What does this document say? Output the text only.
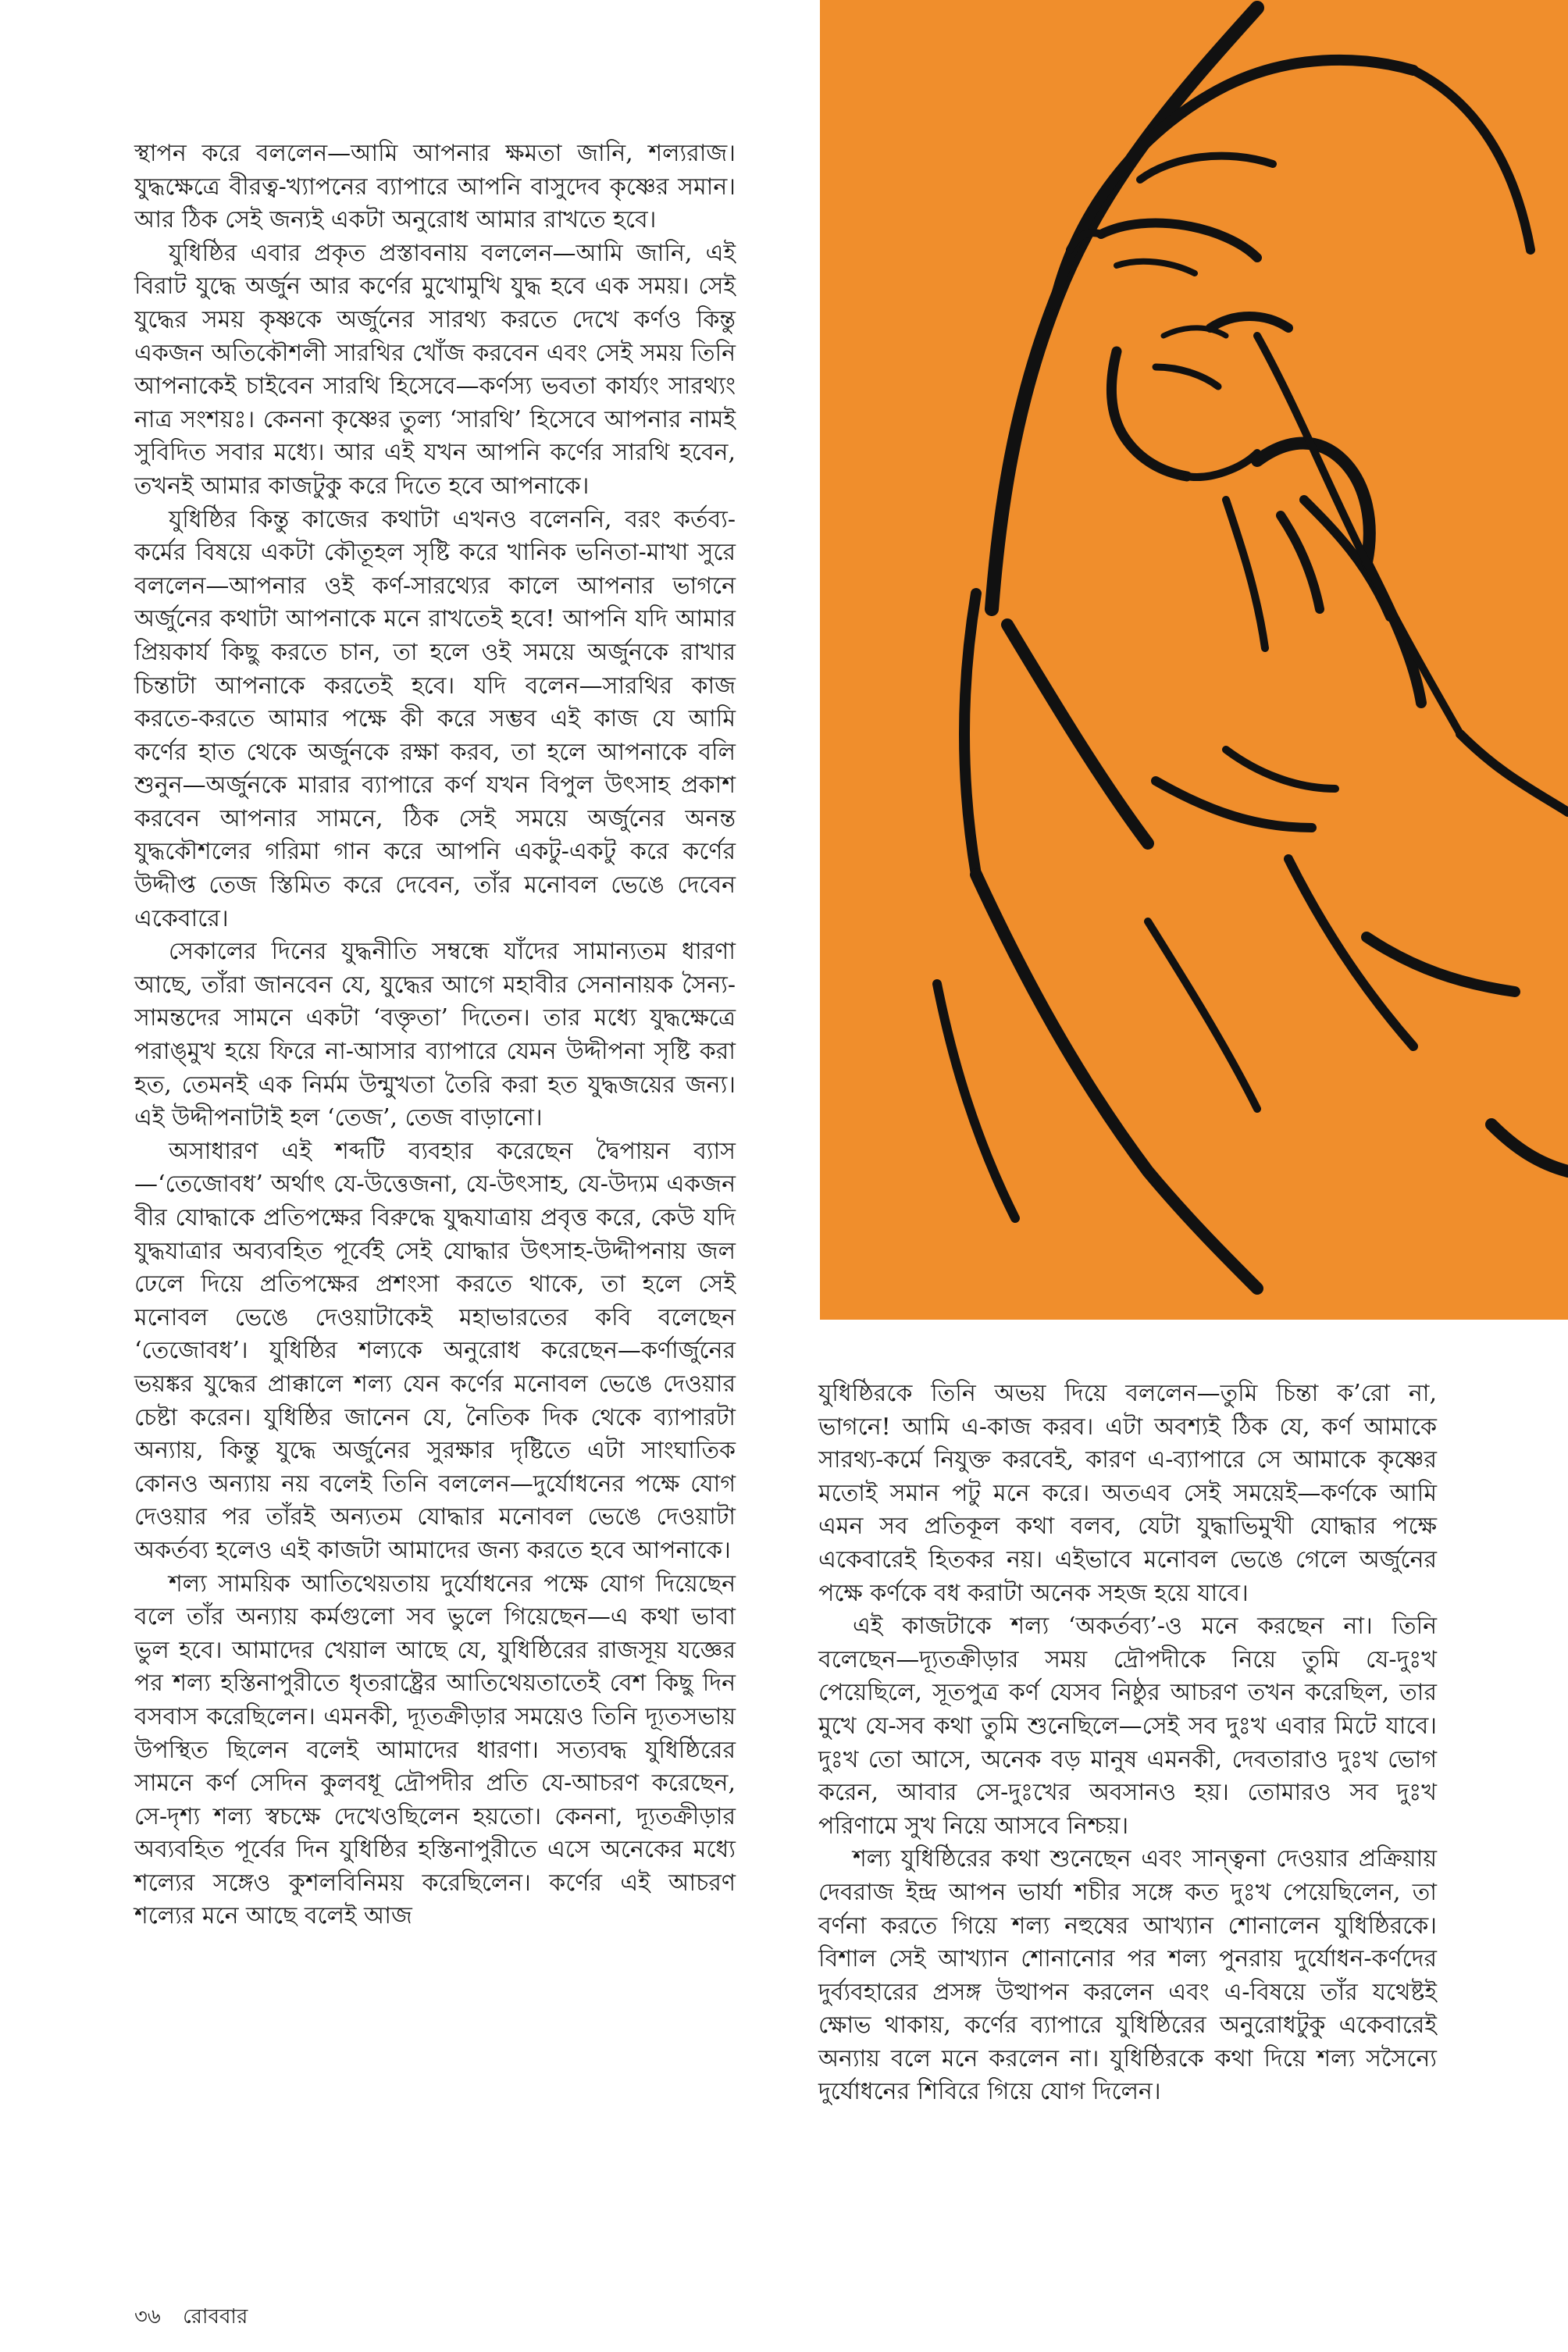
স্থাপন করে বললেন—আমি আপনার ক্ষমতা জানি, শল্যরাজ। যুদ্ধক্ষেত্রে বীরত্ব-খ্যাপনের ব্যাপারে আপনি বাসুদেব কৃষ্ণের সমান। আর ঠিক সেই জন্যই একটা অনুরোধ আমার রাখতে হবে।

যুধিষ্ঠির এবার প্রকৃত প্রস্তাবনায় বললেন—আমি জানি, এই বিরাট যুদ্ধে অর্জুন আর কর্ণের মুখোমুখি যুদ্ধ হবে এক সময়। সেই যুদ্ধের সময় কৃষ্ণকে অর্জুনের সারথ্য করতে দেখে কর্ণও কিন্তু একজন অতিকৌশলী সারথির খোঁজ করবেন এবং সেই সময় তিনি আপনাকেই চাইবেন সারথি হিসেবে—কর্ণস্য ভবতা কার্য্যং সারথ্যং নাত্র সংশয়ঃ। কেননা কৃষ্ণের তুল্য ‘সারথি’ হিসেবে আপনার নামই সুবিদিত সবার মধ্যে। আর এই যখন আপনি কর্ণের সারথি হবেন, তখনই আমার কাজটুকু করে দিতে হবে আপনাকে।

যুধিষ্ঠির কিন্তু কাজের কথাটা এখনও বলেননি, বরং কর্তব্য-কর্মের বিষয়ে একটা কৌতূহল সৃষ্টি করে খানিক ভনিতা-মাখা সুরে বললেন—আপনার ওই কর্ণ-সারথ্যের কালে আপনার ভাগনে অর্জুনের কথাটা আপনাকে মনে রাখতেই হবে! আপনি যদি আমার প্রিয়কার্য কিছু করতে চান, তা হলে ওই সময়ে অর্জুনকে রাখার চিন্তাটা আপনাকে করতেই হবে। যদি বলেন—সারথির কাজ করতে-করতে আমার পক্ষে কী করে সম্ভব এই কাজ যে আমি কর্ণের হাত থেকে অর্জুনকে রক্ষা করব, তা হলে আপনাকে বলি শুনুন—অর্জুনকে মারার ব্যাপারে কর্ণ যখন বিপুল উৎসাহ প্রকাশ করবেন আপনার সামনে, ঠিক সেই সময়ে অর্জুনের অনন্ত যুদ্ধকৌশলের গরিমা গান করে আপনি একটু-একটু করে কর্ণের উদ্দীপ্ত তেজ স্তিমিত করে দেবেন, তাঁর মনোবল ভেঙে দেবেন একেবারে।

সেকালের দিনের যুদ্ধনীতি সম্বন্ধে যাঁদের সামান্যতম ধারণা আছে, তাঁরা জানবেন যে, যুদ্ধের আগে মহাবীর সেনানায়ক সৈন্য-সামন্তদের সামনে একটা ‘বক্তৃতা’ দিতেন। তার মধ্যে যুদ্ধক্ষেত্রে পরাঙ্‌মুখ হয়ে ফিরে না-আসার ব্যাপারে যেমন উদ্দীপনা সৃষ্টি করা হত, তেমনই এক নির্মম উন্মুখতা তৈরি করা হত যুদ্ধজয়ের জন্য। এই উদ্দীপনাটাই হল ‘তেজ’, তেজ বাড়ানো।

অসাধারণ এই শব্দটি ব্যবহার করেছেন দ্বৈপায়ন ব্যাস—‘তেজোবধ’ অর্থাৎ যে-উত্তেজনা, যে-উৎসাহ, যে-উদ্যম একজন বীর যোদ্ধাকে প্রতিপক্ষের বিরুদ্ধে যুদ্ধযাত্রায় প্রবৃত্ত করে, কেউ যদি যুদ্ধযাত্রার অব্যবহিত পূর্বেই সেই যোদ্ধার উৎসাহ-উদ্দীপনায় জল ঢেলে দিয়ে প্রতিপক্ষের প্রশংসা করতে থাকে, তা হলে সেই মনোবল ভেঙে দেওয়াটাকেই মহাভারতের কবি বলেছেন ‘তেজোবধ’। যুধিষ্ঠির শল্যকে অনুরোধ করেছেন—কর্ণার্জুনের ভয়ঙ্কর যুদ্ধের প্রাক্কালে শল্য যেন কর্ণের মনোবল ভেঙে দেওয়ার চেষ্টা করেন। যুধিষ্ঠির জানেন যে, নৈতিক দিক থেকে ব্যাপারটা অন্যায়, কিন্তু যুদ্ধে অর্জুনের সুরক্ষার দৃষ্টিতে এটা সাংঘাতিক কোনও অন্যায় নয় বলেই তিনি বললেন—দুর্যোধনের পক্ষে যোগ দেওয়ার পর তাঁরই অন্যতম যোদ্ধার মনোবল ভেঙে দেওয়াটা অকর্তব্য হলেও এই কাজটা আমাদের জন্য করতে হবে আপনাকে।

শল্য সাময়িক আতিথেয়তায় দুর্যোধনের পক্ষে যোগ দিয়েছেন বলে তাঁর অন্যায় কর্মগুলো সব ভুলে গিয়েছেন—এ কথা ভাবা ভুল হবে। আমাদের খেয়াল আছে যে, যুধিষ্ঠিরের রাজসূয় যজ্ঞের পর শল্য হস্তিনাপুরীতে ধৃতরাষ্ট্রের আতিথেয়তাতেই বেশ কিছু দিন বসবাস করেছিলেন। এমনকী, দ্যূতক্রীড়ার সময়েও তিনি দ্যূতসভায় উপস্থিত ছিলেন বলেই আমাদের ধারণা। সত্যবদ্ধ যুধিষ্ঠিরের সামনে কর্ণ সেদিন কুলবধূ দ্রৌপদীর প্রতি যে-আচরণ করেছেন, সে-দৃশ্য শল্য স্বচক্ষে দেখেওছিলেন হয়তো। কেননা, দ্যূতক্রীড়ার অব্যবহিত পূর্বের দিন যুধিষ্ঠির হস্তিনাপুরীতে এসে অনেকের মধ্যে শল্যের সঙ্গেও কুশলবিনিময় করেছিলেন। কর্ণের এই আচরণ শল্যের মনে আছে বলেই আজ

যুধিষ্ঠিরকে তিনি অভয় দিয়ে বললেন—তুমি চিন্তা ক’রো না, ভাগনে! আমি এ-কাজ করব। এটা অবশ্যই ঠিক যে, কর্ণ আমাকে সারথ্য-কর্মে নিযুক্ত করবেই, কারণ এ-ব্যাপারে সে আমাকে কৃষ্ণের মতোই সমান পটু মনে করে। অতএব সেই সময়েই—কর্ণকে আমি এমন সব প্রতিকূল কথা বলব, যেটা যুদ্ধাভিমুখী যোদ্ধার পক্ষে একেবারেই হিতকর নয়। এইভাবে মনোবল ভেঙে গেলে অর্জুনের পক্ষে কর্ণকে বধ করাটা অনেক সহজ হয়ে যাবে।

এই কাজটাকে শল্য ‘অকর্তব্য’-ও মনে করছেন না। তিনি বলেছেন—দ্যূতক্রীড়ার সময় দ্রৌপদীকে নিয়ে তুমি যে-দুঃখ পেয়েছিলে, সূতপুত্র কর্ণ যেসব নিষ্ঠুর আচরণ তখন করেছিল, তার মুখে যে-সব কথা তুমি শুনেছিলে—সেই সব দুঃখ এবার মিটে যাবে। দুঃখ তো আসে, অনেক বড় মানুষ এমনকী, দেবতারাও দুঃখ ভোগ করেন, আবার সে-দুঃখের অবসানও হয়। তোমারও সব দুঃখ পরিণামে সুখ নিয়ে আসবে নিশ্চয়।

শল্য যুধিষ্ঠিরের কথা শুনেছেন এবং সান্ত্বনা দেওয়ার প্রক্রিয়ায় দেবরাজ ইন্দ্র আপন ভার্যা শচীর সঙ্গে কত দুঃখ পেয়েছিলেন, তা বর্ণনা করতে গিয়ে শল্য নহুষের আখ্যান শোনালেন যুধিষ্ঠিরকে। বিশাল সেই আখ্যান শোনানোর পর শল্য পুনরায় দুর্যোধন-কর্ণদের দুর্ব্যবহারের প্রসঙ্গ উত্থাপন করলেন এবং এ-বিষয়ে তাঁর যথেষ্টই ক্ষোভ থাকায়, কর্ণের ব্যাপারে যুধিষ্ঠিরের অনুরোধটুকু একেবারেই অন্যায় বলে মনে করলেন না। যুধিষ্ঠিরকে কথা দিয়ে শল্য সসৈন্যে দুর্যোধনের শিবিরে গিয়ে যোগ দিলেন।

৩৬ রোববার
